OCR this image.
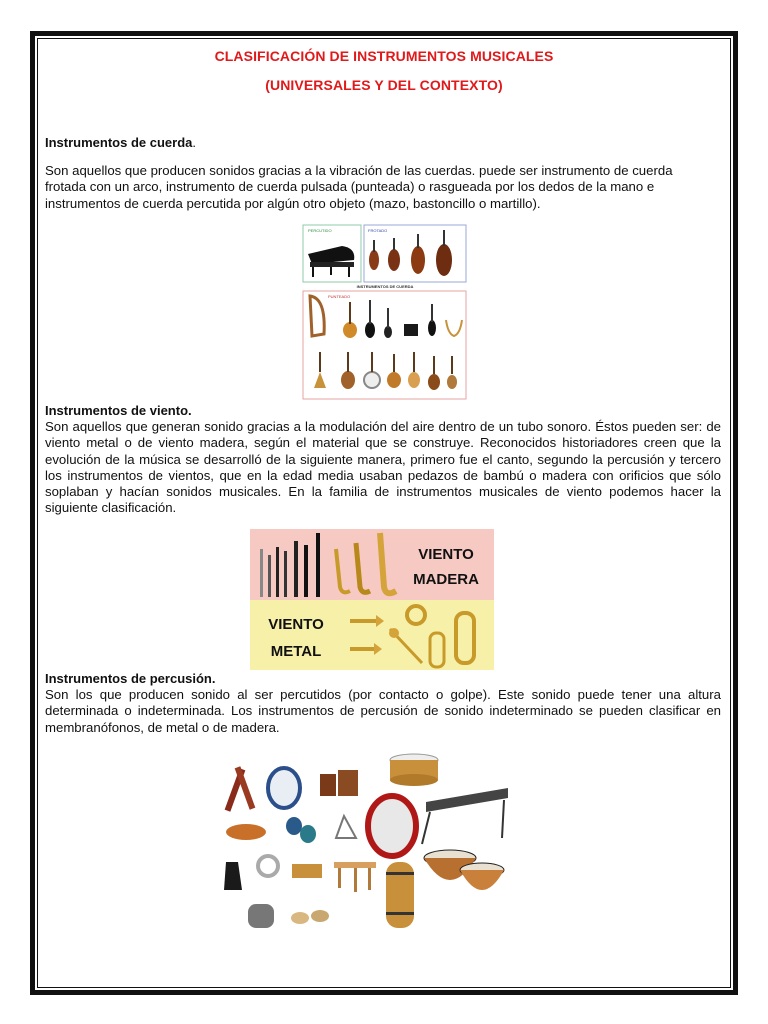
CLASIFICACIÓN DE INSTRUMENTOS MUSICALES
(UNIVERSALES Y DEL CONTEXTO)
Instrumentos de cuerda.
Son aquellos que producen sonidos gracias a la vibración de las cuerdas. puede ser instrumento de cuerda
frotada con un arco, instrumento de cuerda pulsada (punteada) o rasgueada por los dedos de la mano e
instrumentos de cuerda percutida por algún otro objeto (mazo, bastoncillo o martillo).
PERCUTIDO	FROTADO
INSTRUMENTOS DE CUERDA
PUNTEADO
Instrumentos de viento.
Son aquellos que generan sonido gracias a la modulación del aire dentro de un tubo sonoro. Éstos pueden ser: de viento metal o de viento madera, según el material que se construye. Reconocidos historiadores creen que la evolución de la música se desarrolló de la siguiente manera, primero fue el canto, segundo la percusión y tercero los instrumentos de vientos, que en la edad media usaban pedazos de bambú o madera con orificios que sólo soplaban y hacían sonidos musicales. En la familia de instrumentos musicales de viento podemos hacer la siguiente clasificación.
VIENTO
MADERA
VIENTO
METAL
Instrumentos de percusión.
Son los que producen sonido al ser percutidos (por contacto o golpe). Este sonido puede tener una altura determinada o indeterminada. Los instrumentos de percusión de sonido indeterminado se pueden clasificar en membranófonos, de metal o de madera.
